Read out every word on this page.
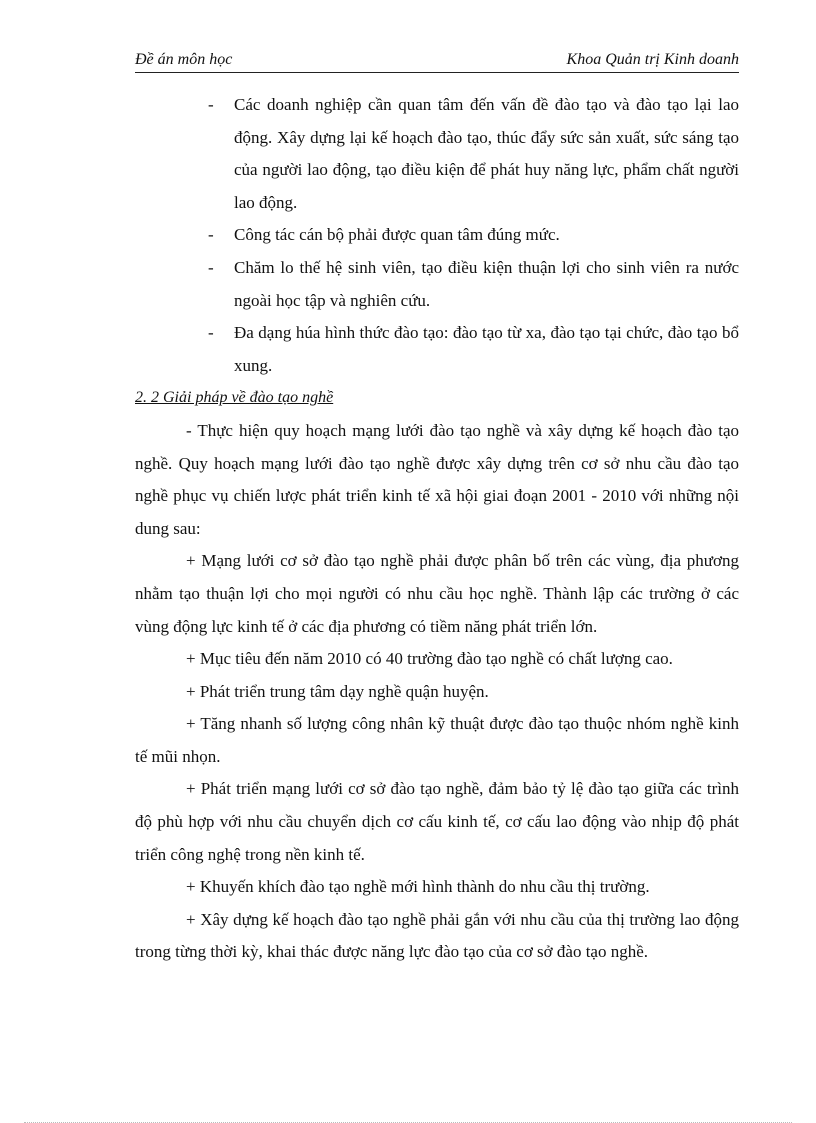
Đề án môn học	Khoa Quản trị Kinh doanh
- Các doanh nghiệp cần quan tâm đến vấn đề đào tạo và đào tạo lại lao động. Xây dựng lại kế hoạch đào tạo, thúc đẩy sức sản xuất, sức sáng tạo của người lao động, tạo điều kiện để phát huy năng lực, phẩm chất người lao động.
- Công tác cán bộ phải được quan tâm đúng mức.
- Chăm lo thế hệ sinh viên, tạo điều kiện thuận lợi cho sinh viên ra nước ngoài học tập và nghiên cứu.
- Đa dạng húa hình thức đào tạo: đào tạo từ xa, đào tạo tại chức, đào tạo bổ xung.
2. 2 Giải pháp về đào tạo nghề
- Thực hiện quy hoạch mạng lưới đào tạo nghề và xây dựng kế hoạch đào tạo nghề. Quy hoạch mạng lưới đào tạo nghề được xây dựng trên cơ sở nhu cầu đào tạo nghề phục vụ chiến lược phát triển kinh tế xã hội giai đoạn 2001 - 2010 với những nội dung sau:
+ Mạng lưới cơ sở đào tạo nghề phải được phân bố trên các vùng, địa phương nhằm tạo thuận lợi cho mọi người có nhu cầu học nghề. Thành lập các trường ở các vùng động lực kinh tế ở các địa phương có tiềm năng phát triển lớn.
+ Mục tiêu đến năm 2010 có 40 trường đào tạo nghề có chất lượng cao.
+ Phát triển trung tâm dạy nghề quận huyện.
+ Tăng nhanh số lượng công nhân kỹ thuật được đào tạo thuộc nhóm nghề kinh tế mũi nhọn.
+ Phát triển mạng lưới cơ sở đào tạo nghề, đảm bảo tỷ lệ đào tạo giữa các trình độ phù hợp với nhu cầu chuyển dịch cơ cấu kinh tế, cơ cấu lao động vào nhịp độ phát triển công nghệ trong nền kinh tế.
+ Khuyến khích đào tạo nghề mới hình thành do nhu cầu thị trường.
+ Xây dựng kế hoạch đào tạo nghề phải gắn với nhu cầu của thị trường lao động trong từng thời kỳ, khai thác được năng lực đào tạo của cơ sở đào tạo nghề.
